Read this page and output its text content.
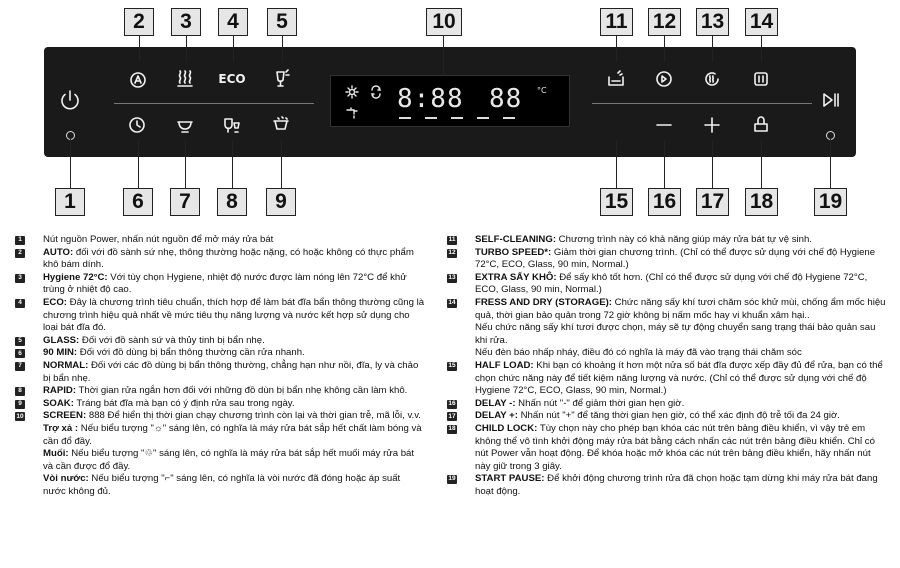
ECO
8:88 88 °C
2	3	4	5	10	11 12 13 14
1	6	7	8	9	15 16 17 18 19
1	Nút nguồn Power, nhấn nút nguồn để mở máy rửa bát
2	AUTO: đối với đồ sành sứ nhẹ, thông thường hoặc nặng, có hoặc không có thực phẩm khô bám dính.
3	Hygiene 72°C: Với tùy chọn Hygiene, nhiệt độ nước được làm nóng lên 72°C để khử trùng ở nhiệt độ cao.
4	ECO: Đây là chương trình tiêu chuẩn, thích hợp để làm bát đĩa bẩn thông thường cũng là chương trình hiệu quả nhất về mức tiêu thụ năng lượng và nước kết hợp sử dụng cho loại bát đĩa đó.
5	GLASS: Đối với đồ sành sứ và thủy tinh bị bẩn nhẹ.
6	90 MIN: Đối với đồ dùng bị bẩn thông thường cần rửa nhanh.
7	NORMAL: Đối với các đồ dùng bị bẩn thông thường, chẳng hạn như nồi, đĩa, ly và chảo bị bẩn nhẹ.
8	RAPID: Thời gian rửa ngắn hơn đối với những đồ dùn bị bẩn nhẹ không cần làm khô.
9	SOAK: Tráng bát đĩa mà bạn có ý định rửa sau trong ngày.
10 SCREEN: 888 Để hiển thị thời gian chạy chương trình còn lại và thời gian trễ, mã lỗi, v.v.
Trợ xả : Nếu biểu tượng "☼" sáng lên, có nghĩa là máy rửa bát sắp hết chất làm bóng và cần đổ đầy.
Muối: Nếu biểu tượng "♲" sáng lên, có nghĩa là máy rửa bát sắp hết muối máy rửa bát và cần được đổ đầy.
Vòi nước: Nếu biểu tượng "⌐" sáng lên, có nghĩa là vòi nước đã đóng hoặc áp suất nước không đủ.
11 SELF-CLEANING: Chương trình này có khả năng giúp máy rửa bát tự vệ sinh.
12 TURBO SPEED*: Giảm thời gian chương trình. (Chỉ có thể được sử dụng với chế độ Hygiene 72°C, ECO, Glass, 90 min, Normal.)
13 EXTRA SẤY KHÔ: Để sấy khô tốt hơn. (Chỉ có thể được sử dụng với chế độ Hygiene 72°C, ECO, Glass, 90 min, Normal.)
14 FRESS AND DRY (STORAGE): Chức năng sấy khí tươi chăm sóc khử mùi, chống ẩm mốc hiệu quả, thời gian bảo quản trong 72 giờ không bị nấm mốc hay vi khuẩn xâm hại..
Nếu chức năng sấy khí tươi được chọn, máy sẽ tự động chuyển sang trạng thái bảo quản sau khi rửa.
Nếu đèn báo nhấp nháy, điều đó có nghĩa là máy đã vào trạng thái chăm sóc
15 HALF LOAD: Khi bạn có khoảng ít hơn một nửa số bát đĩa được xếp đầy đủ để rửa, bạn có thể chọn chức năng này để tiết kiệm năng lượng và nước. (Chỉ có thể được sử dụng với chế độ Hygiene 72°C, ECO, Glass, 90 min, Normal.)
16 DELAY -: Nhấn nút "-" để giảm thời gian hẹn giờ.
17 DELAY +: Nhấn nút "+" để tăng thời gian hẹn giờ, có thể xác định độ trễ tối đa 24 giờ.
18 CHILD LOCK: Tùy chọn này cho phép bạn khóa các nút trên bảng điều khiển, vì vậy trẻ em không thể vô tình khởi động máy rửa bát bằng cách nhấn các nút trên bảng điều khiển. Chỉ có nút Power vẫn hoạt động. Để khóa hoặc mở khóa các nút trên bảng điều khiển, hãy nhấn nút này giữ trong 3 giây.
19 START PAUSE: Để khởi động chương trình rửa đã chọn hoặc tạm dừng khi máy rửa bát đang hoạt động.
